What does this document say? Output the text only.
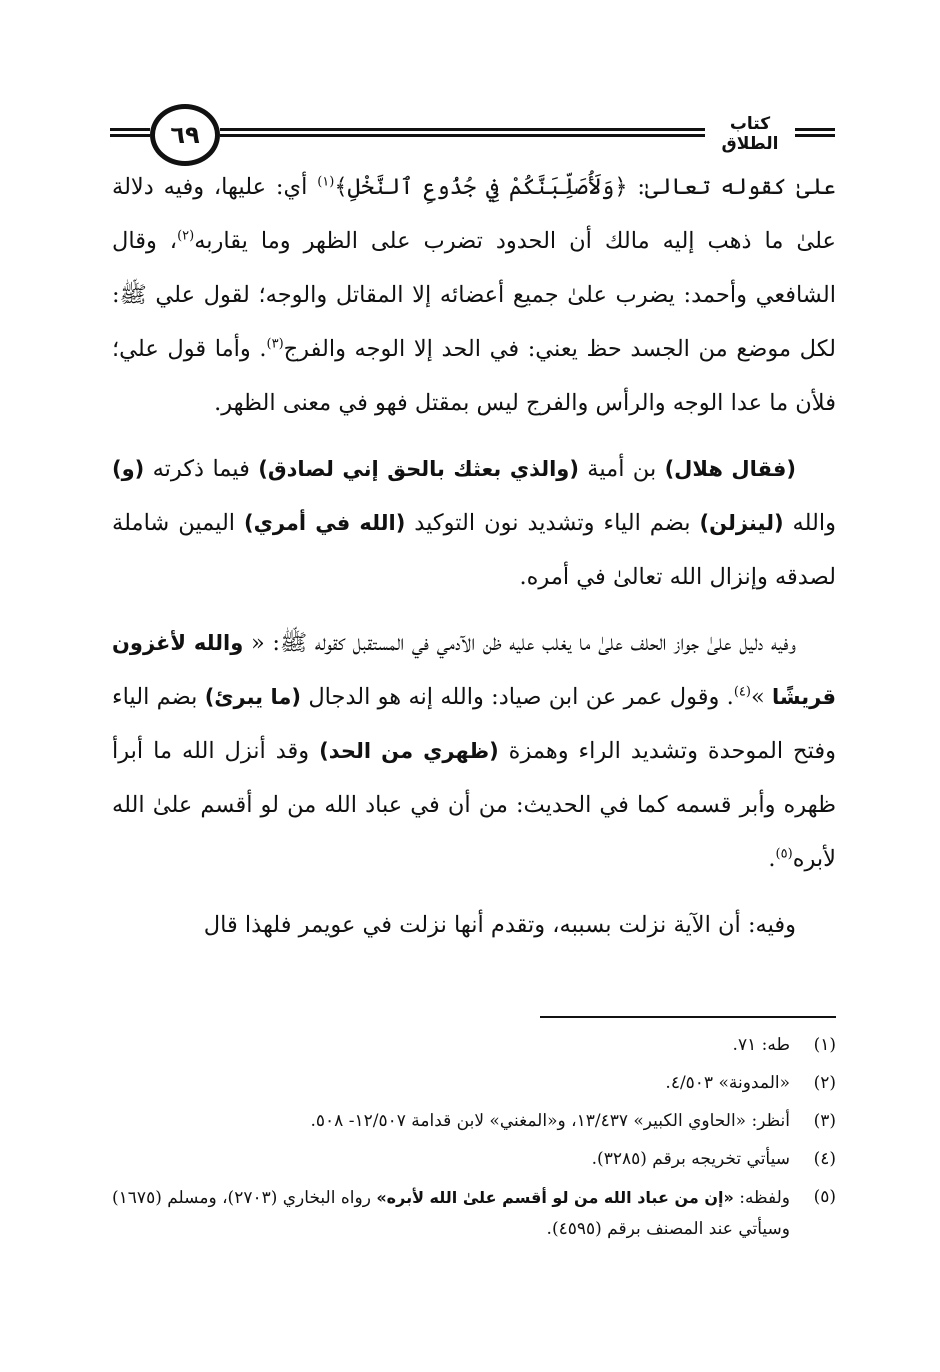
٦٩	كتاب الطلاق

علىٰ كقوله تعالىٰ: ﴿وَلَأُصَلِّبَنَّكُمْ فِي جُذُوعِ ٱلنَّخْلِ﴾$^{(١)}$ أي: عليها، وفيه دلالة علىٰ ما ذهب إليه مالك أن الحدود تضرب على الظهر وما يقاربه$^{(٢)}$، وقال الشافعي وأحمد: يضرب علىٰ جميع أعضائه إلا المقاتل والوجه؛ لقول علي ﷺ: لكل موضع من الجسد حظ يعني: في الحد إلا الوجه والفرج$^{(٣)}$. وأما قول علي؛ فلأن ما عدا الوجه والرأس والفرج ليس بمقتل فهو في معنى الظهر.

(فقال هلال) بن أمية (والذي بعثك بالحق إني لصادق) فيما ذكرته (و) والله (لينزلن) بضم الياء وتشديد نون التوكيد (الله في أمري) اليمين شاملة لصدقه وإنزال الله تعالىٰ في أمره.

وفيه دليل علىٰ جواز الحلف علىٰ ما يغلب عليه ظن الآدمي في المستقبل كقوله ﷺ: « والله لأغزون قريشًا »$^{(٤)}$. وقول عمر عن ابن صياد: والله إنه هو الدجال (ما يبرئ) بضم الياء وفتح الموحدة وتشديد الراء وهمزة (ظهري من الحد) وقد أنزل الله ما أبرأ ظهره وأبر قسمه كما في الحديث: من أن في عباد الله من لو أقسم علىٰ الله لأبره$^{(٥)}$.

وفيه: أن الآية نزلت بسببه، وتقدم أنها نزلت في عويمر فلهذا قال

(١)
طه: ٧١.
(٢)
«المدونة» ٤/٥٠٣.
(٣)
أنظر: «الحاوي الكبير» ١٣/٤٣٧، و«المغني» لابن قدامة ١٢/٥٠٧- ٥٠٨.
(٤)
سيأتي تخريجه برقم (٣٢٨٥).
(٥)
ولفظه: «إن من عباد الله من لو أقسم علىٰ الله لأبره» رواه البخاري (٢٧٠٣)، ومسلم (١٦٧٥) وسيأتي عند المصنف برقم (٤٥٩٥).
